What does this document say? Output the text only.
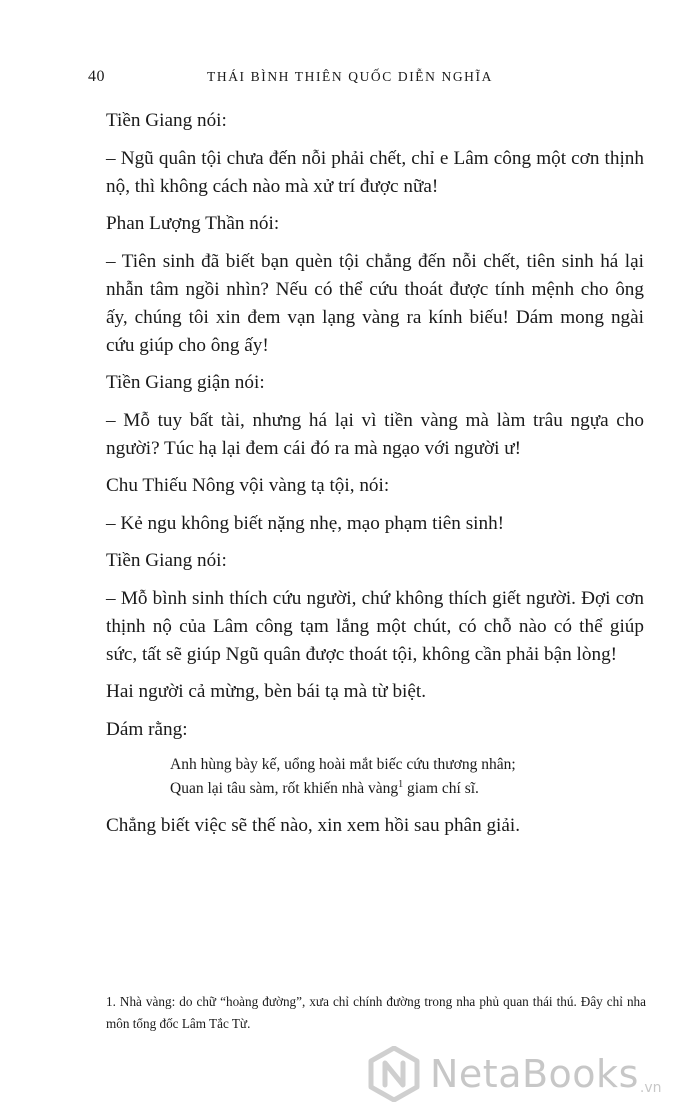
40	THÁI BÌNH THIÊN QUỐC DIỄN NGHĨA

Tiền Giang nói:

– Ngũ quân tội chưa đến nỗi phải chết, chỉ e Lâm công một cơn thịnh nộ, thì không cách nào mà xử trí được nữa!

Phan Lượng Thần nói:

– Tiên sinh đã biết bạn quèn tội chẳng đến nỗi chết, tiên sinh há lại nhẫn tâm ngồi nhìn? Nếu có thể cứu thoát được tính mệnh cho ông ấy, chúng tôi xin đem vạn lạng vàng ra kính biếu! Dám mong ngài cứu giúp cho ông ấy!

Tiền Giang giận nói:

– Mỗ tuy bất tài, nhưng há lại vì tiền vàng mà làm trâu ngựa cho người? Túc hạ lại đem cái đó ra mà ngạo với người ư!

Chu Thiếu Nông vội vàng tạ tội, nói:

– Kẻ ngu không biết nặng nhẹ, mạo phạm tiên sinh!

Tiền Giang nói:

– Mỗ bình sinh thích cứu người, chứ không thích giết người. Đợi cơn thịnh nộ của Lâm công tạm lắng một chút, có chỗ nào có thể giúp sức, tất sẽ giúp Ngũ quân được thoát tội, không cần phải bận lòng!

Hai người cả mừng, bèn bái tạ mà từ biệt.

Dám rằng:

Anh hùng bày kế, uổng hoài mắt biếc cứu thương nhân;
Quan lại tâu sàm, rốt khiến nhà vàng$^1$ giam chí sĩ.

Chẳng biết việc sẽ thế nào, xin xem hồi sau phân giải.

1. Nhà vàng: do chữ “hoàng đường”, xưa chỉ chính đường trong nha phủ quan thái thú. Đây chỉ nha môn tổng đốc Lâm Tắc Từ.
NetaBooks .vn
